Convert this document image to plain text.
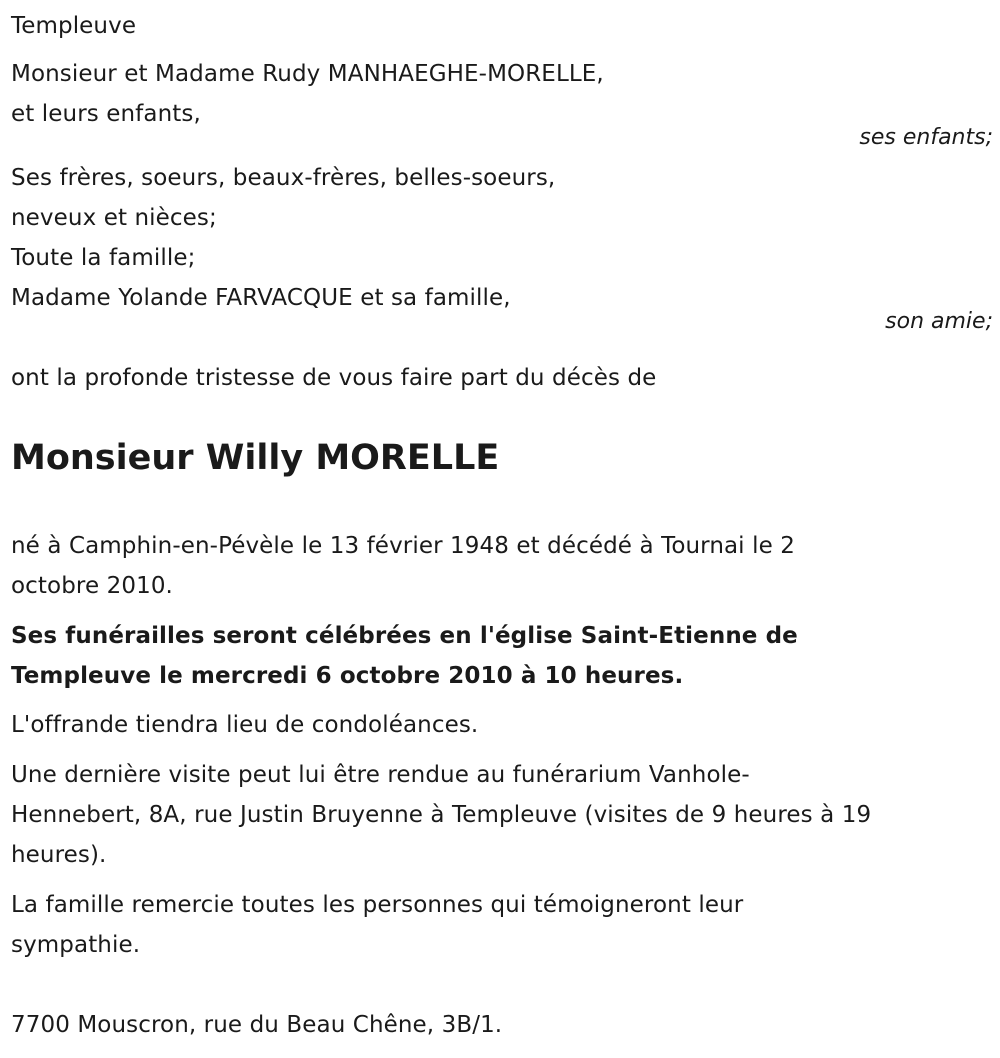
Templeuve
Monsieur et Madame Rudy MANHAEGHE-MORELLE,
et leurs enfants,
ses enfants;
Ses frères, soeurs, beaux-frères, belles-soeurs,
neveux et nièces;
Toute la famille;
Madame Yolande FARVACQUE et sa famille,
son amie;
ont la profonde tristesse de vous faire part du décès de
Monsieur Willy MORELLE
né à Camphin-en-Pévèle le 13 février 1948 et décédé à Tournai le 2
octobre 2010.
Ses funérailles seront célébrées en l'église Saint-Etienne de
Templeuve le mercredi 6 octobre 2010 à 10 heures.
L'offrande tiendra lieu de condoléances.
Une dernière visite peut lui être rendue au funérarium Vanhole-
Hennebert, 8A, rue Justin Bruyenne à Templeuve (visites de 9 heures à 19
heures).
La famille remercie toutes les personnes qui témoigneront leur
sympathie.
7700 Mouscron, rue du Beau Chêne, 3B/1.
